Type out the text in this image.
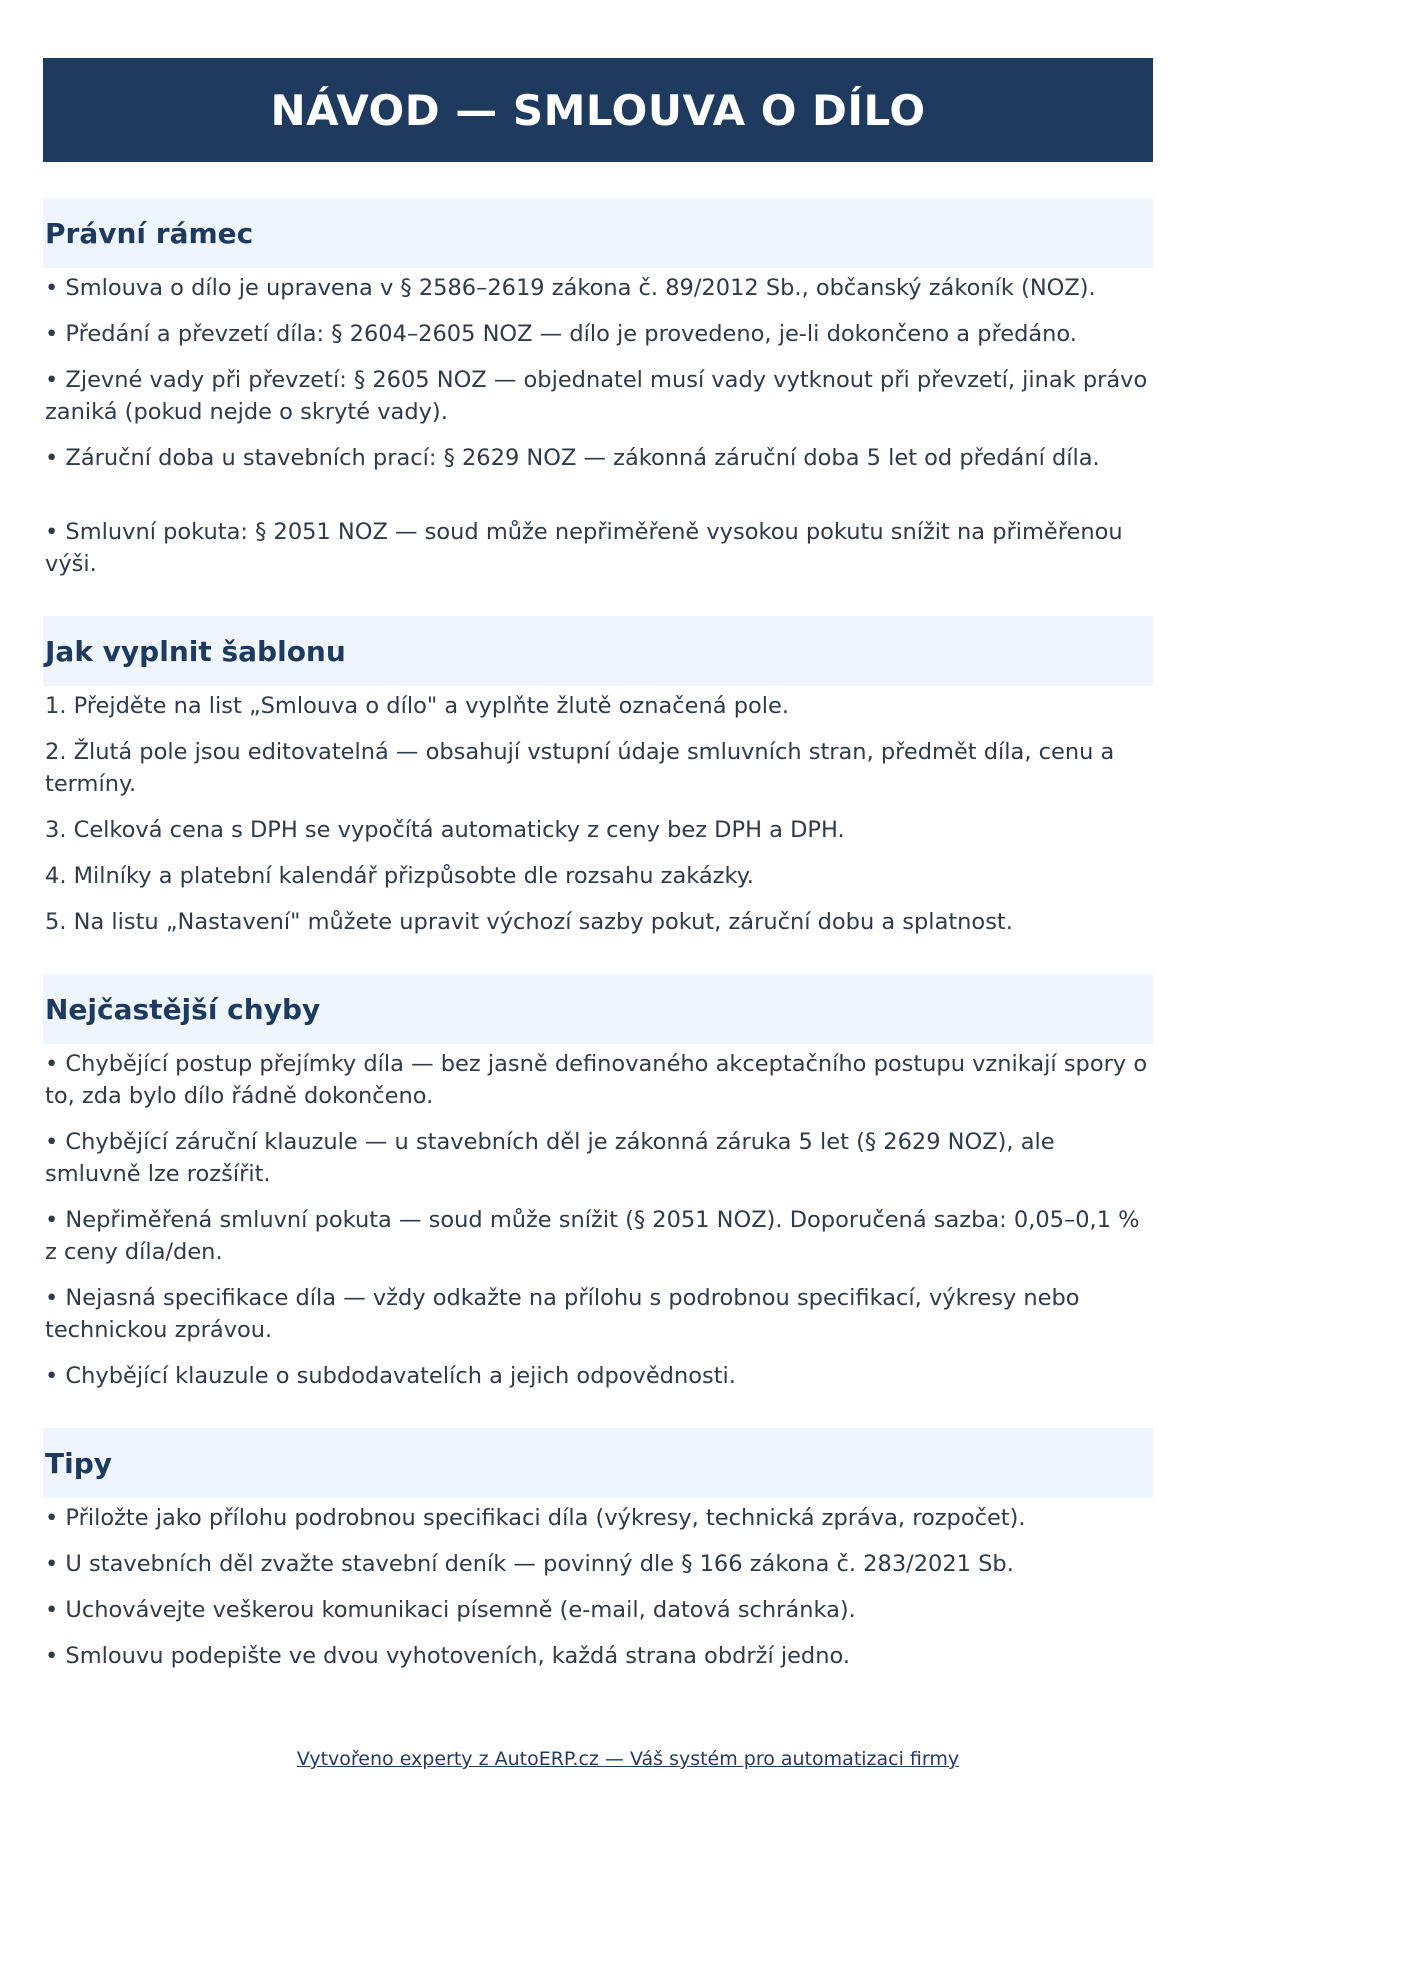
NÁVOD — SMLOUVA O DÍLO
Právní rámec
• Smlouva o dílo je upravena v § 2586–2619 zákona č. 89/2012 Sb., občanský zákoník (NOZ).
• Předání a převzetí díla: § 2604–2605 NOZ — dílo je provedeno, je-li dokončeno a předáno.
• Zjevné vady při převzetí: § 2605 NOZ — objednatel musí vady vytknout při převzetí, jinak právo zaniká (pokud nejde o skryté vady).
• Záruční doba u stavebních prací: § 2629 NOZ — zákonná záruční doba 5 let od předání díla.
• Smluvní pokuta: § 2051 NOZ — soud může nepřiměřeně vysokou pokutu snížit na přiměřenou výši.
Jak vyplnit šablonu
1. Přejděte na list „Smlouva o dílo" a vyplňte žlutě označená pole.
2. Žlutá pole jsou editovatelná — obsahují vstupní údaje smluvních stran, předmět díla, cenu a termíny.
3. Celková cena s DPH se vypočítá automaticky z ceny bez DPH a DPH.
4. Milníky a platební kalendář přizpůsobte dle rozsahu zakázky.
5. Na listu „Nastavení" můžete upravit výchozí sazby pokut, záruční dobu a splatnost.
Nejčastější chyby
• Chybějící postup přejímky díla — bez jasně definovaného akceptačního postupu vznikají spory o to, zda bylo dílo řádně dokončeno.
• Chybějící záruční klauzule — u stavebních děl je zákonná záruka 5 let (§ 2629 NOZ), ale smluvně lze rozšířit.
• Nepřiměřená smluvní pokuta — soud může snížit (§ 2051 NOZ). Doporučená sazba: 0,05–0,1 % z ceny díla/den.
• Nejasná specifikace díla — vždy odkažte na přílohu s podrobnou specifikací, výkresy nebo technickou zprávou.
• Chybějící klauzule o subdodavatelích a jejich odpovědnosti.
Tipy
• Přiložte jako přílohu podrobnou specifikaci díla (výkresy, technická zpráva, rozpočet).
• U stavebních děl zvažte stavební deník — povinný dle § 166 zákona č. 283/2021 Sb.
• Uchovávejte veškerou komunikaci písemně (e-mail, datová schránka).
• Smlouvu podepište ve dvou vyhotoveních, každá strana obdrží jedno.
Vytvořeno experty z AutoERP.cz — Váš systém pro automatizaci firmy
